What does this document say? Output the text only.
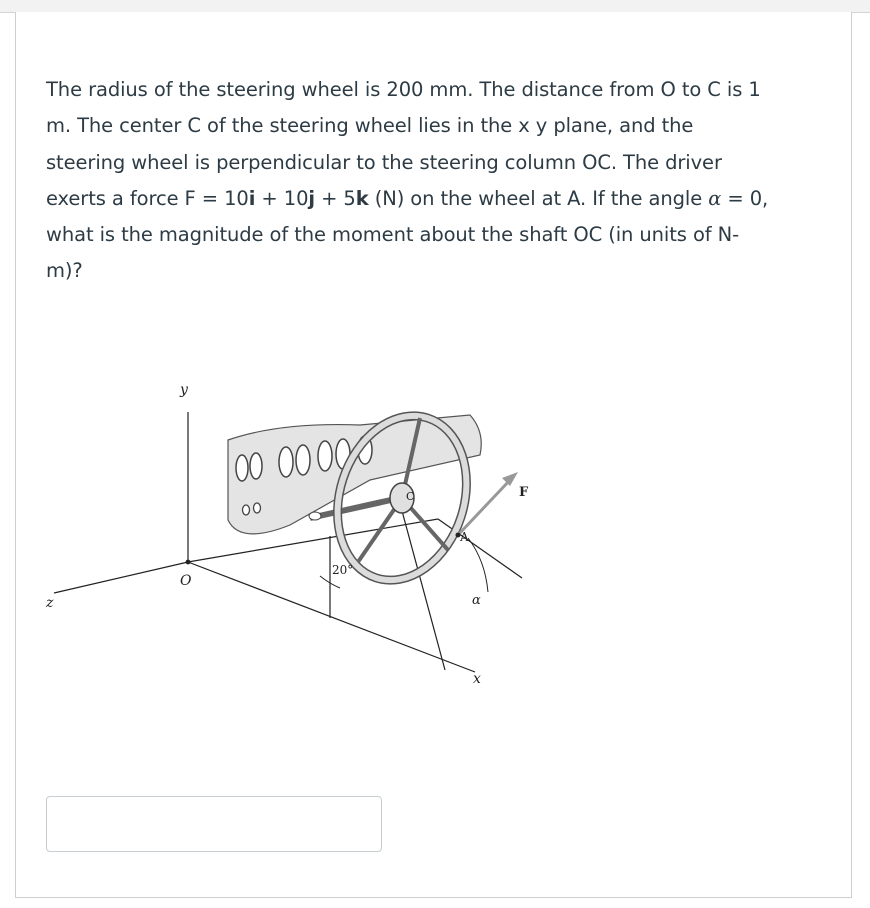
The radius of the steering wheel is 200 mm. The distance from O to C is 1
m. The center C of the steering wheel lies in the x y plane, and the
steering wheel is perpendicular to the steering column OC. The driver
exerts a force F = 10i + 10j + 5k (N) on the wheel at A. If the angle α = 0,
what is the magnitude of the moment about the shaft OC (in units of N-
m)?
y
z
O
x
C
A
F
α
20°
